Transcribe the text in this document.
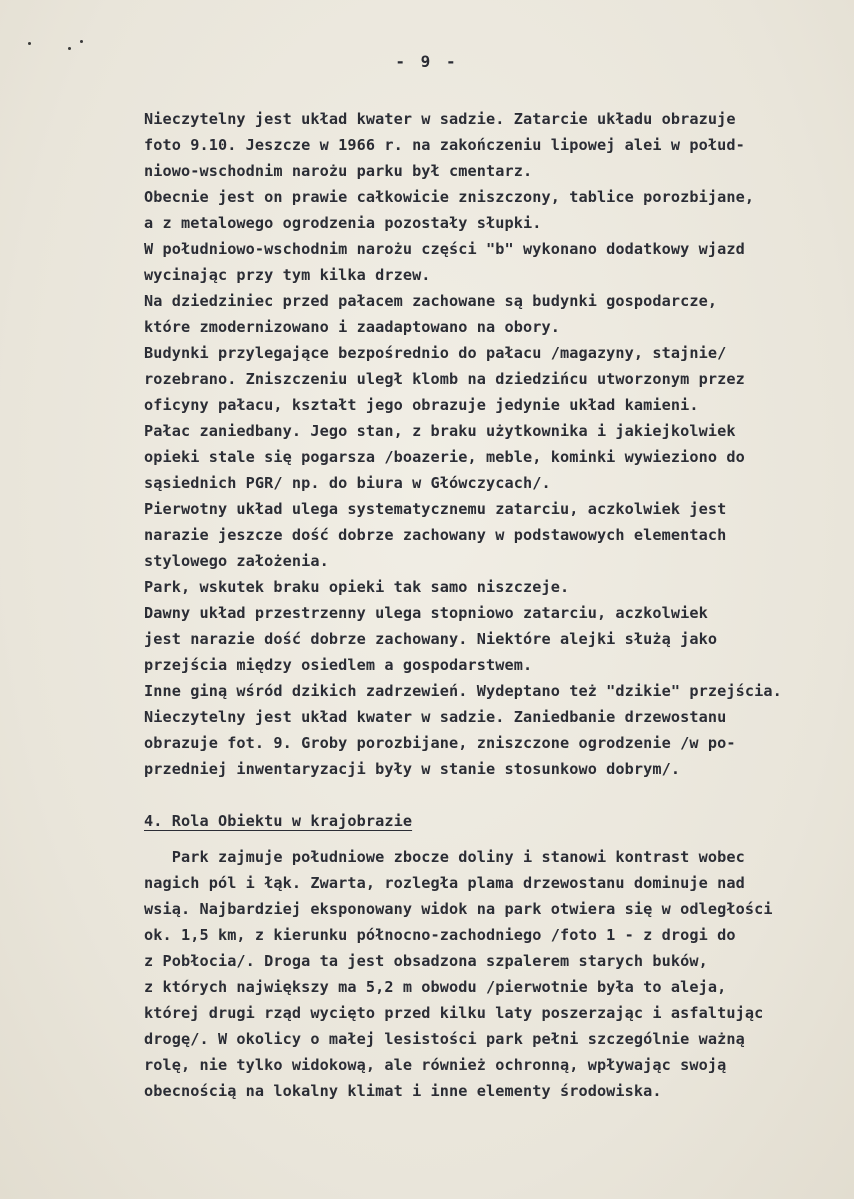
- 9 -
Nieczytelny jest układ kwater w sadzie. Zatarcie układu obrazuje
foto 9.10. Jeszcze w 1966 r. na zakończeniu lipowej alei w połud-
niowo-wschodnim narożu parku był cmentarz.
Obecnie jest on prawie całkowicie zniszczony, tablice porozbijane,
a z metalowego ogrodzenia pozostały słupki.
W południowo-wschodnim narożu części "b" wykonano dodatkowy wjazd
wycinając przy tym kilka drzew.
Na dziedziniec przed pałacem zachowane są budynki gospodarcze,
które zmodernizowano i zaadaptowano na obory.
Budynki przylegające bezpośrednio do pałacu /magazyny, stajnie/
rozebrano. Zniszczeniu uległ klomb na dziedzińcu utworzonym przez
oficyny pałacu, kształt jego obrazuje jedynie układ kamieni.
Pałac zaniedbany. Jego stan, z braku użytkownika i jakiejkolwiek
opieki stale się pogarsza /boazerie, meble, kominki wywieziono do
sąsiednich PGR/ np. do biura w Główczycach/.
Pierwotny układ ulega systematycznemu zatarciu, aczkolwiek jest
narazie jeszcze dość dobrze zachowany w podstawowych elementach
stylowego założenia.
Park, wskutek braku opieki tak samo niszczeje.
Dawny układ przestrzenny ulega stopniowo zatarciu, aczkolwiek
jest narazie dość dobrze zachowany. Niektóre alejki służą jako
przejścia między osiedlem a gospodarstwem.
Inne giną wśród dzikich zadrzewień. Wydeptano też "dzikie" przejścia.
Nieczytelny jest układ kwater w sadzie. Zaniedbanie drzewostanu
obrazuje fot. 9. Groby porozbijane, zniszczone ogrodzenie /w po-
przedniej inwentaryzacji były w stanie stosunkowo dobrym/.
4. Rola Obiektu w krajobrazie
Park zajmuje południowe zbocze doliny i stanowi kontrast wobec
nagich pól i łąk. Zwarta, rozległa plama drzewostanu dominuje nad
wsią. Najbardziej eksponowany widok na park otwiera się w odległości
ok. 1,5 km, z kierunku północno-zachodniego /foto 1 - z drogi do
z Pobłocia/. Droga ta jest obsadzona szpalerem starych buków,
z których największy ma 5,2 m obwodu /pierwotnie była to aleja,
której drugi rząd wycięto przed kilku laty poszerzając i asfaltując
drogę/. W okolicy o małej lesistości park pełni szczególnie ważną
rolę, nie tylko widokową, ale również ochronną, wpływając swoją
obecnością na lokalny klimat i inne elementy środowiska.
